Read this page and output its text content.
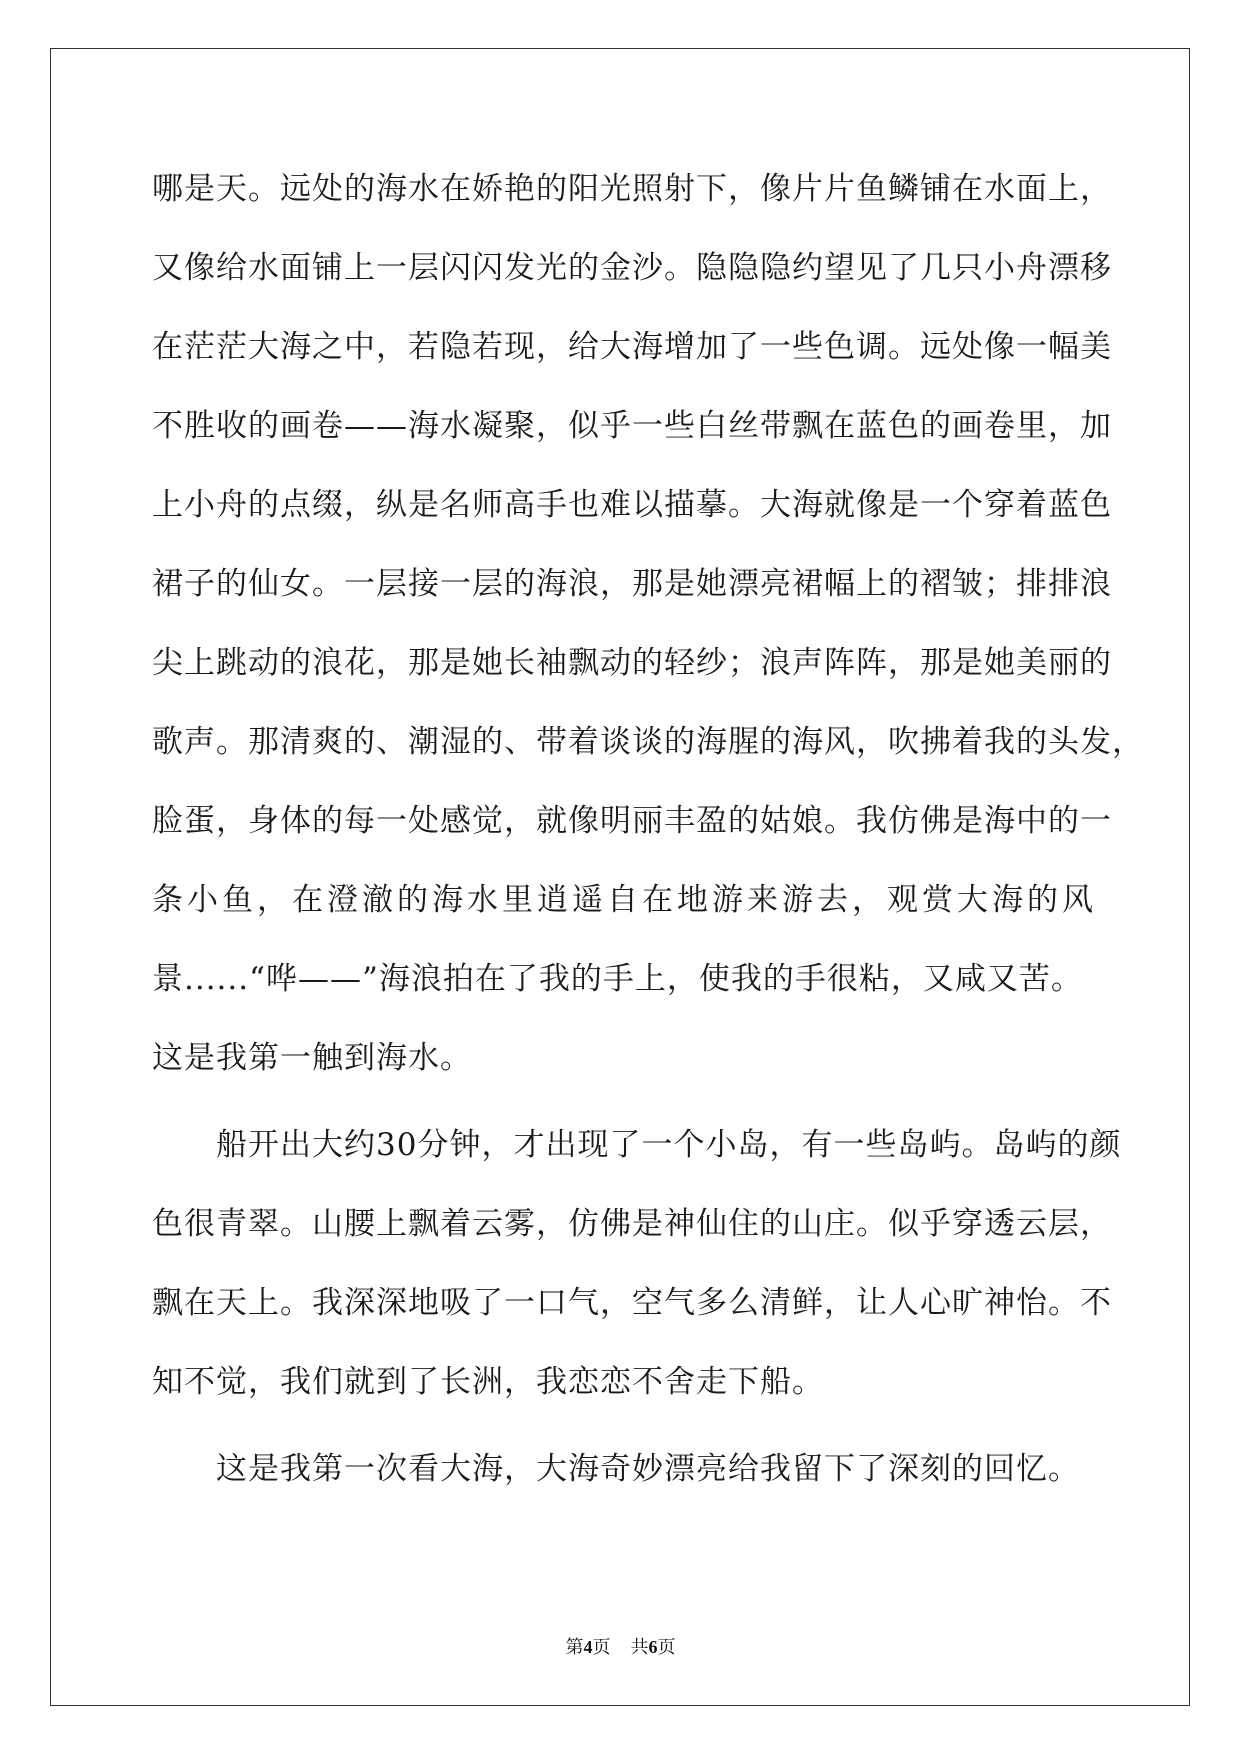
哪是天。远处的海水在娇艳的阳光照射下，像片片鱼鳞铺在水面上，

又像给水面铺上一层闪闪发光的金沙。隐隐隐约望见了几只小舟漂移

在茫茫大海之中，若隐若现，给大海增加了一些色调。远处像一幅美

不胜收的画卷——海水凝聚，似乎一些白丝带飘在蓝色的画卷里，加

上小舟的点缀，纵是名师高手也难以描摹。大海就像是一个穿着蓝色

裙子的仙女。一层接一层的海浪，那是她漂亮裙幅上的褶皱；排排浪

尖上跳动的浪花，那是她长袖飘动的轻纱；浪声阵阵，那是她美丽的

歌声。那清爽的、潮湿的、带着谈谈的海腥的海风，吹拂着我的头发，

脸蛋，身体的每一处感觉，就像明丽丰盈的姑娘。我仿佛是海中的一

条小鱼，在澄澈的海水里逍遥自在地游来游去，观赏大海的风

景......“哗——”海浪拍在了我的手上，使我的手很粘，又咸又苦。

这是我第一触到海水。

　　船开出大约30分钟，才出现了一个小岛，有一些岛屿。岛屿的颜

色很青翠。山腰上飘着云雾，仿佛是神仙住的山庄。似乎穿透云层，

飘在天上。我深深地吸了一口气，空气多么清鲜，让人心旷神怡。不

知不觉，我们就到了长洲，我恋恋不舍走下船。

　　这是我第一次看大海，大海奇妙漂亮给我留下了深刻的回忆。

第4页 共6页
